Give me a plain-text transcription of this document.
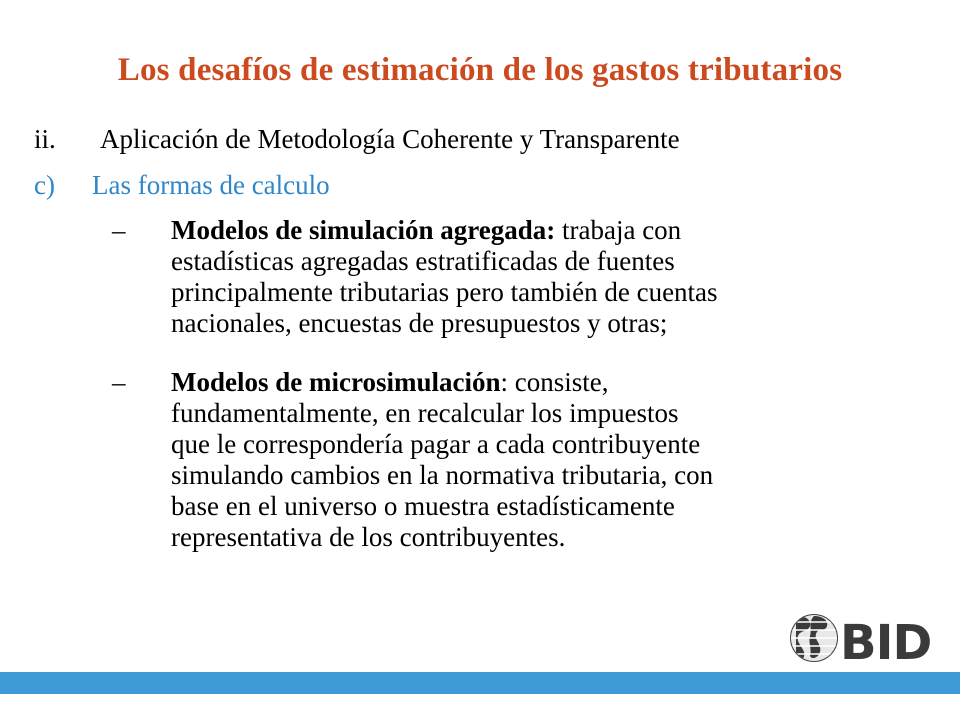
Los desafíos de estimación de los gastos tributarios
ii. Aplicación de Metodología Coherente y Transparente
c) Las formas de calculo
– Modelos de simulación agregada: trabaja con
estadísticas agregadas estratificadas de fuentes
principalmente tributarias pero también de cuentas
nacionales, encuestas de presupuestos y otras;
– Modelos de microsimulación: consiste,
fundamentalmente, en recalcular los impuestos
que le correspondería pagar a cada contribuyente
simulando cambios en la normativa tributaria, con
base en el universo o muestra estadísticamente
representativa de los contribuyentes.
BID
